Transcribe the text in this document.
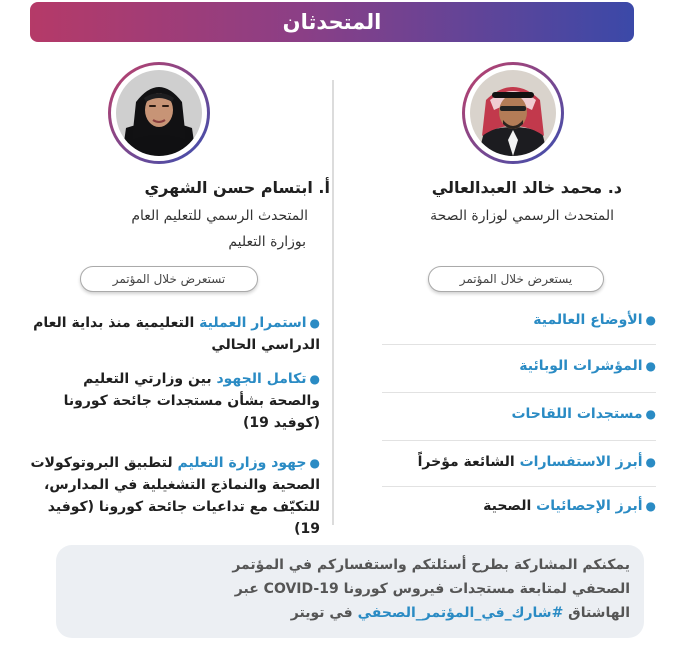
المتحدثان
د. محمد خالد العبدالعالي
المتحدث الرسمي لوزارة الصحة
يستعرض خلال المؤتمر
●الأوضاع العالمية
●المؤشرات الوبائية
●مستجدات اللقاحات
●أبرز الاستفسارات الشائعة مؤخراً
●أبرز الإحصائيات الصحية
أ. ابتسام حسن الشهري
المتحدث الرسمي للتعليم العام
بوزارة التعليم
تستعرض خلال المؤتمر
●استمرار العملية التعليمية منذ بداية العام الدراسي الحالي
●تكامل الجهود بين وزارتي التعليم والصحة بشأن مستجدات جائحة كورونا (كوفيد 19)
●جهود وزارة التعليم لتطبيق البروتوكولات الصحية والنماذج التشغيلية في المدارس، للتكيّف مع تداعيات جائحة كورونا (كوفيد 19)
يمكنكم المشاركة بطرح أسئلتكم واستفساركم في المؤتمر
الصحفي لمتابعة مستجدات فيروس كورونا COVID-19 عبر
الهاشتاق #شارك_في_المؤتمر_الصحفي في تويتر
